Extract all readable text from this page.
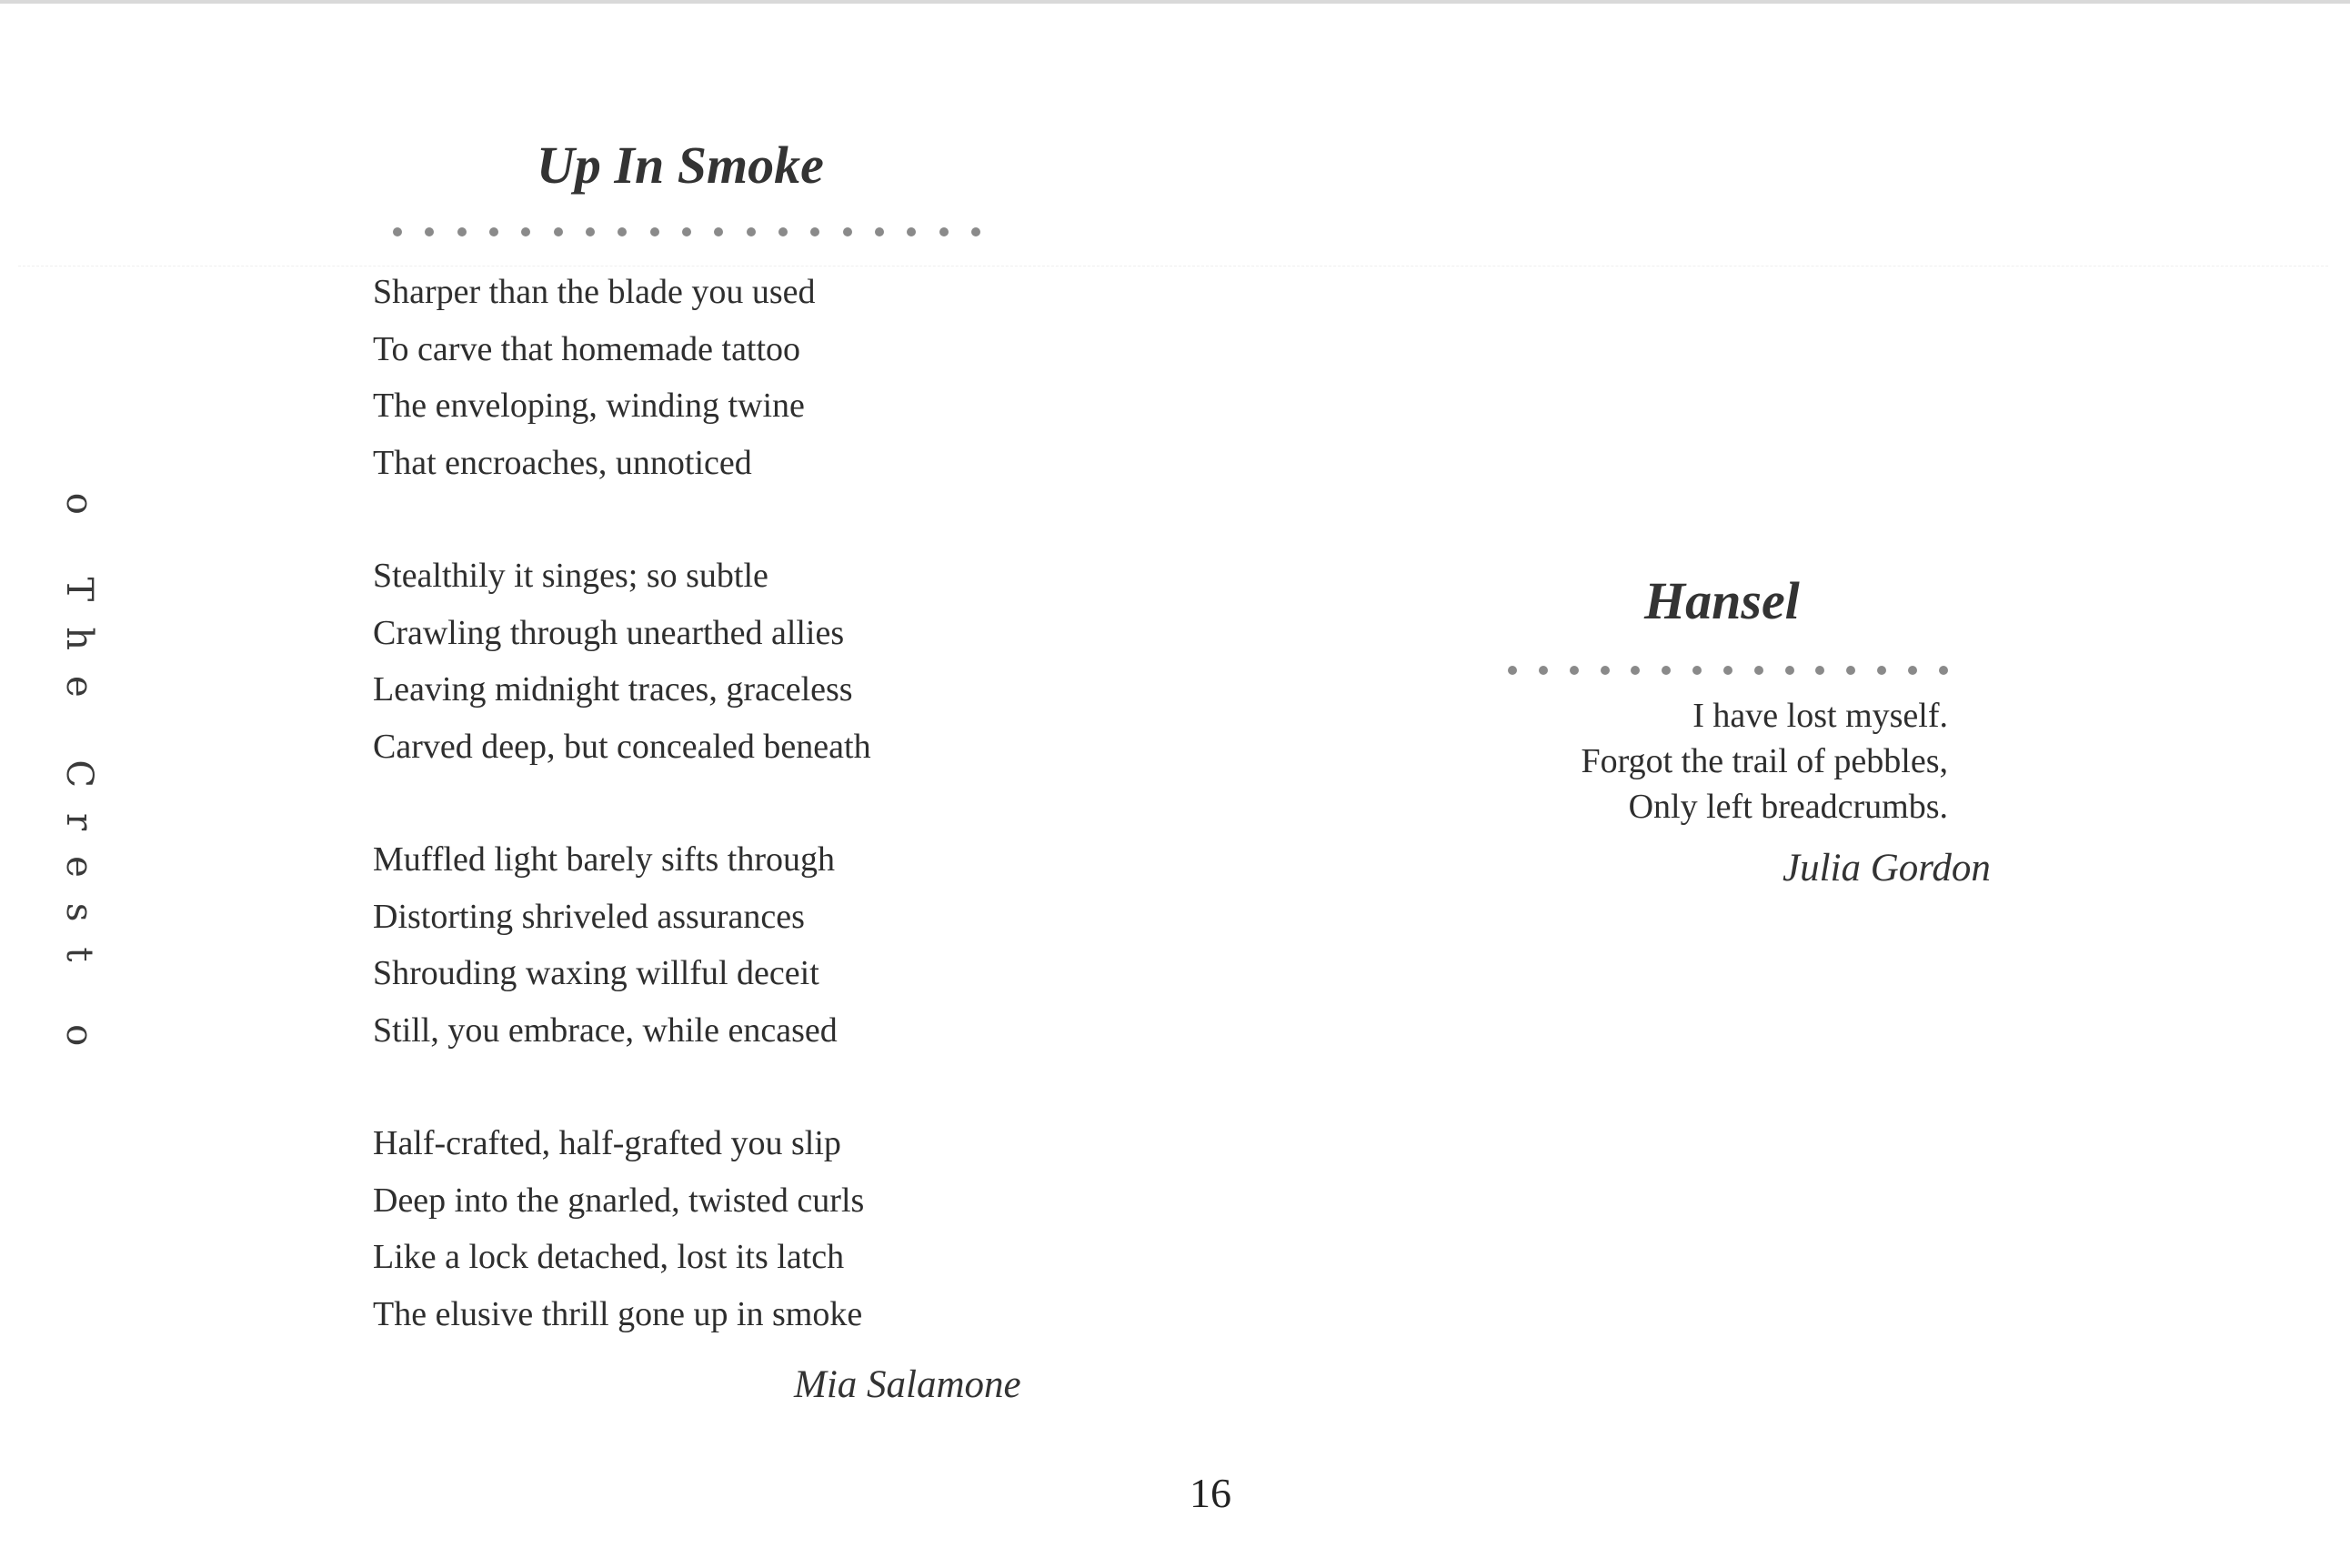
o The Crest o
Up In Smoke
Sharper than the blade you used
To carve that homemade tattoo
The enveloping, winding twine
That encroaches, unnoticed
Stealthily it singes; so subtle
Crawling through unearthed allies
Leaving midnight traces, graceless
Carved deep, but concealed beneath
Muffled light barely sifts through
Distorting shriveled assurances
Shrouding waxing willful deceit
Still, you embrace, while encased
Half-crafted, half-grafted you slip
Deep into the gnarled, twisted curls
Like a lock detached, lost its latch
The elusive thrill gone up in smoke
Mia Salamone
Hansel
I have lost myself.
Forgot the trail of pebbles,
Only left breadcrumbs.
Julia Gordon
16
